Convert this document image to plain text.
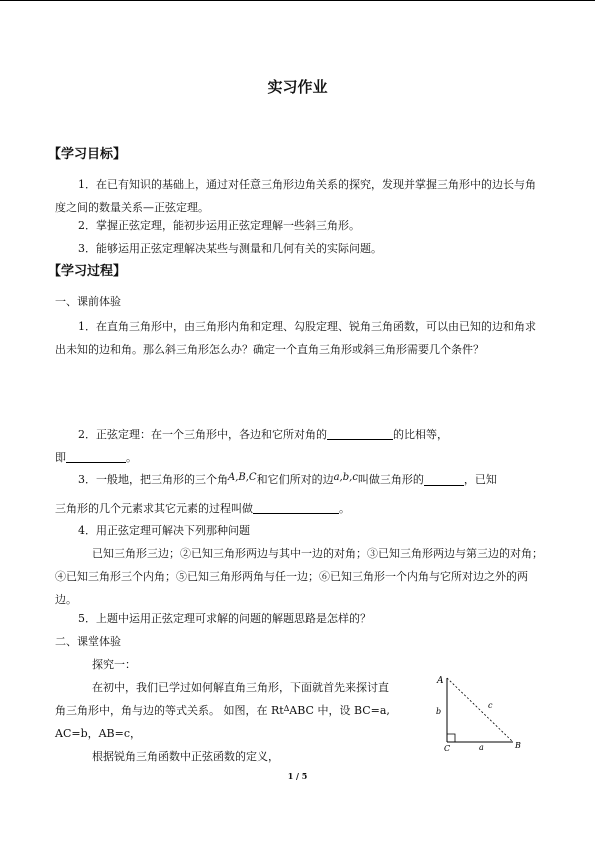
实习作业
【学习目标】
1．在已有知识的基础上，通过对任意三角形边角关系的探究，发现并掌握三角形中的边长与角度之间的数量关系—正弦定理。
2．掌握正弦定理，能初步运用正弦定理解一些斜三角形。
3．能够运用正弦定理解决某些与测量和几何有关的实际问题。
【学习过程】
一、课前体验
1．在直角三角形中，由三角形内角和定理、勾股定理、锐角三角函数，可以由已知的边和角求出未知的边和角。那么斜三角形怎么办？确定一个直角三角形或斜三角形需要几个条件？
2．正弦定理：在一个三角形中，各边和它所对角的	的比相等，
即	。
3．一般地，把三角形的三个角A,B,C和它们所对的边a,b,c叫做三角形的	，已知
三角形的几个元素求其它元素的过程叫做	。
4．用正弦定理可解决下列那种问题
已知三角形三边；②已知三角形两边与其中一边的对角；③已知三角形两边与第三边的对角；④已知三角形三个内角；⑤已知三角形两角与任一边；⑥已知三角形一个内角与它所对边之外的两边。
5．上题中运用正弦定理可求解的问题的解题思路是怎样的？
二、课堂体验
探究一：
在初中，我们已学过如何解直角三角形，下面就首先来探讨直
角三角形中，角与边的等式关系。 如图，在 Rt∆ABC 中，设 BC=a,
AC=b，AB=c，
根据锐角三角函数中正弦函数的定义，
A
C	B
b
a
c
1 / 5
